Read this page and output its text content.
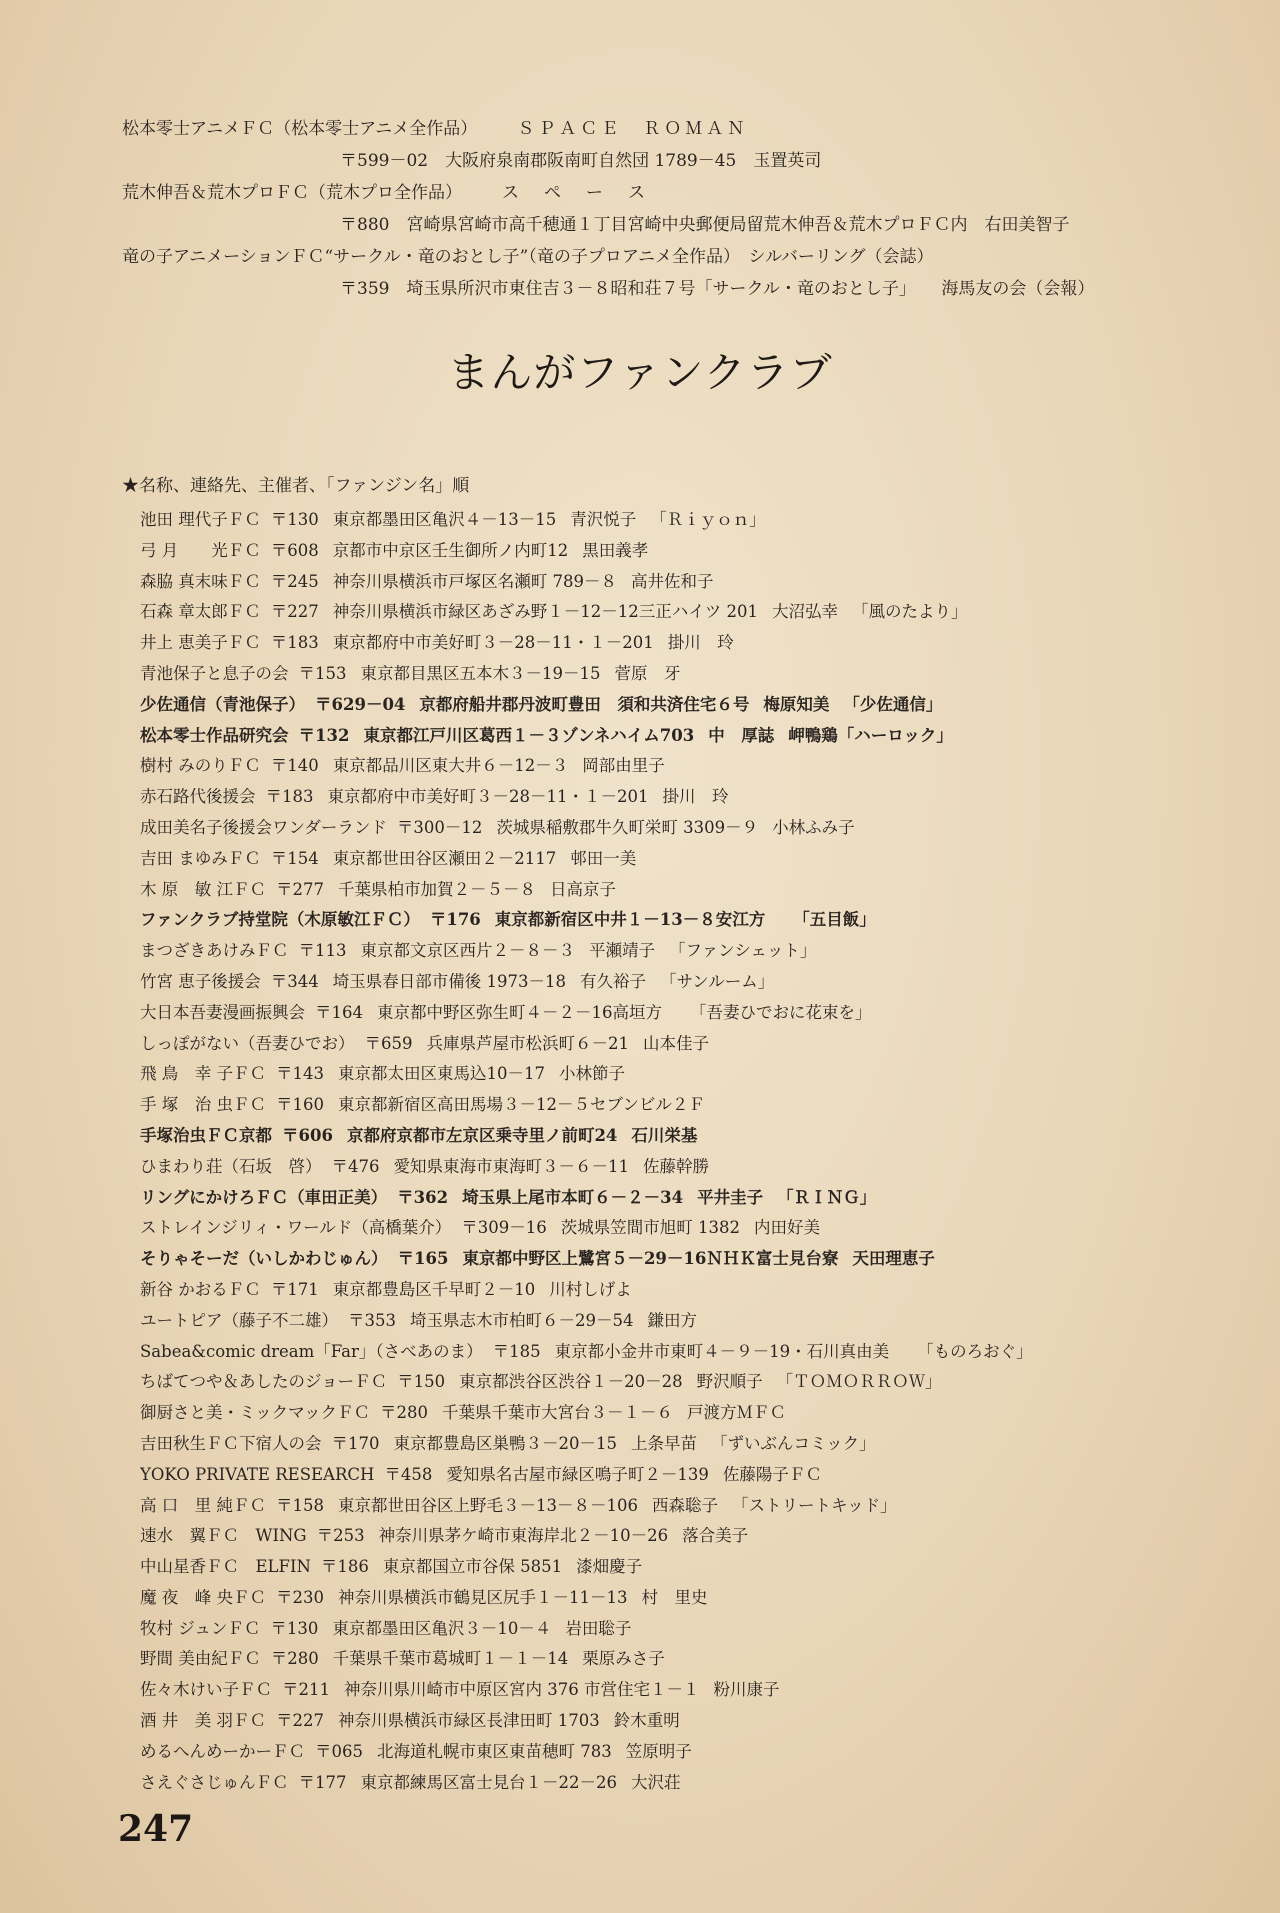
松本零士アニメＦＣ（松本零士アニメ全作品） ＳＰＡＣＥ　ＲＯＭＡＮ

〒599－02　大阪府泉南郡阪南町自然団 1789－45　玉置英司

荒木伸吾＆荒木プロＦＣ（荒木プロ全作品） ス　ペ　ー　ス

〒880　宮崎県宮崎市高千穂通１丁目宮崎中央郵便局留荒木伸吾＆荒木プロＦＣ内　右田美智子

竜の子アニメーションＦＣ“サークル・竜のおとし子”（竜の子プロアニメ全作品）　シルバーリング（会誌）

〒359　埼玉県所沢市東住吉３－８昭和荘７号「サークル・竜のおとし子」　　海馬友の会（会報）

まんがファンクラブ

★名称、連絡先、主催者、「ファンジン名」順

池田 理代子ＦＣ 〒130 東京都墨田区亀沢４－13－15 青沢悦子 「Ｒｉｙｏｎ」
弓 月　　光ＦＣ 〒608 京都市中京区壬生御所ノ内町12 黒田義孝
森脇 真末味ＦＣ 〒245 神奈川県横浜市戸塚区名瀬町 789－８ 高井佐和子
石森 章太郎ＦＣ 〒227 神奈川県横浜市緑区あざみ野１－12－12三正ハイツ 201 大沼弘幸 「風のたより」
井上 恵美子ＦＣ 〒183 東京都府中市美好町３－28－11・１－201 掛川　玲
青池保子と息子の会 〒153 東京都目黒区五本木３－19－15 菅原　牙
少佐通信（青池保子） 〒629－04 京都府船井郡丹波町豊田　須和共済住宅６号 梅原知美 「少佐通信」
松本零士作品研究会 〒132 東京都江戸川区葛西１－３ゾンネハイム703 中　厚誌 岬鴨鶏「ハーロック」
樹村 みのりＦＣ 〒140 東京都品川区東大井６－12－３ 岡部由里子
赤石路代後援会 〒183 東京都府中市美好町３－28－11・１－201 掛川　玲
成田美名子後援会ワンダーランド 〒300－12 茨城県稲敷郡牛久町栄町 3309－９ 小林ふみ子
吉田 まゆみＦＣ 〒154 東京都世田谷区瀬田２－2117 邨田一美
木 原　敏 江ＦＣ 〒277 千葉県柏市加賀２－５－８ 日高京子
ファンクラブ持堂院（木原敏江ＦＣ） 〒176 東京都新宿区中井１－13－８安江方 「五目飯」
まつざきあけみＦＣ 〒113 東京都文京区西片２－８－３ 平瀬靖子 「ファンシェット」
竹宮 恵子後援会 〒344 埼玉県春日部市備後 1973－18 有久裕子 「サンルーム」
大日本吾妻漫画振興会 〒164 東京都中野区弥生町４－２－16高垣方 「吾妻ひでおに花束を」
しっぽがない（吾妻ひでお） 〒659 兵庫県芦屋市松浜町６－21 山本佳子
飛 鳥　幸 子ＦＣ 〒143 東京都太田区東馬込10－17 小林節子
手 塚　治 虫ＦＣ 〒160 東京都新宿区高田馬場３－12－５セブンビル２Ｆ
手塚治虫ＦＣ京都 〒606 京都府京都市左京区乗寺里ノ前町24 石川栄基
ひまわり荘（石坂　啓） 〒476 愛知県東海市東海町３－６－11 佐藤幹勝
リングにかけろＦＣ（車田正美） 〒362 埼玉県上尾市本町６－２－34 平井圭子 「ＲＩＮＧ」
ストレインジリィ・ワールド（高橋葉介） 〒309－16 茨城県笠間市旭町 1382 内田好美
そりゃそーだ（いしかわじゅん） 〒165 東京都中野区上鷺宮５－29－16ＮＨＫ富士見台寮 天田理恵子
新谷 かおるＦＣ 〒171 東京都豊島区千早町２－10 川村しげよ
ユートピア（藤子不二雄） 〒353 埼玉県志木市柏町６－29－54 鎌田方
Sabea&comic dream「Far」（さべあのま） 〒185 東京都小金井市東町４－９－19・石川真由美 「ものろおぐ」
ちばてつや＆あしたのジョーＦＣ 〒150 東京都渋谷区渋谷１－20－28 野沢順子 「ＴＯＭＯＲＲＯＷ」
御厨さと美・ミックマックＦＣ 〒280 千葉県千葉市大宮台３－１－６ 戸渡方ＭＦＣ
吉田秋生ＦＣ下宿人の会 〒170 東京都豊島区巣鴨３－20－15 上条早苗 「ずいぶんコミック」
YOKO PRIVATE RESEARCH 〒458 愛知県名古屋市緑区鳴子町２－139 佐藤陽子ＦＣ
高 口　里 純ＦＣ 〒158 東京都世田谷区上野毛３－13－８－106 西森聡子 「ストリートキッド」
速水　翼ＦＣ　WING 〒253 神奈川県茅ケ崎市東海岸北２－10－26 落合美子
中山星香ＦＣ　ELFIN 〒186 東京都国立市谷保 5851 漆畑慶子
魔 夜　峰 央ＦＣ 〒230 神奈川県横浜市鶴見区尻手１－11－13 村　里史
牧村 ジュンＦＣ 〒130 東京都墨田区亀沢３－10－４ 岩田聡子
野間 美由紀ＦＣ 〒280 千葉県千葉市葛城町１－１－14 栗原みさ子
佐々木けい子ＦＣ 〒211 神奈川県川崎市中原区宮内 376 市営住宅１－１ 粉川康子
酒 井　美 羽ＦＣ 〒227 神奈川県横浜市緑区長津田町 1703 鈴木重明
めるへんめーかーＦＣ 〒065 北海道札幌市東区東苗穂町 783 笠原明子
さえぐさじゅんＦＣ 〒177 東京都練馬区富士見台１－22－26 大沢荘

247
